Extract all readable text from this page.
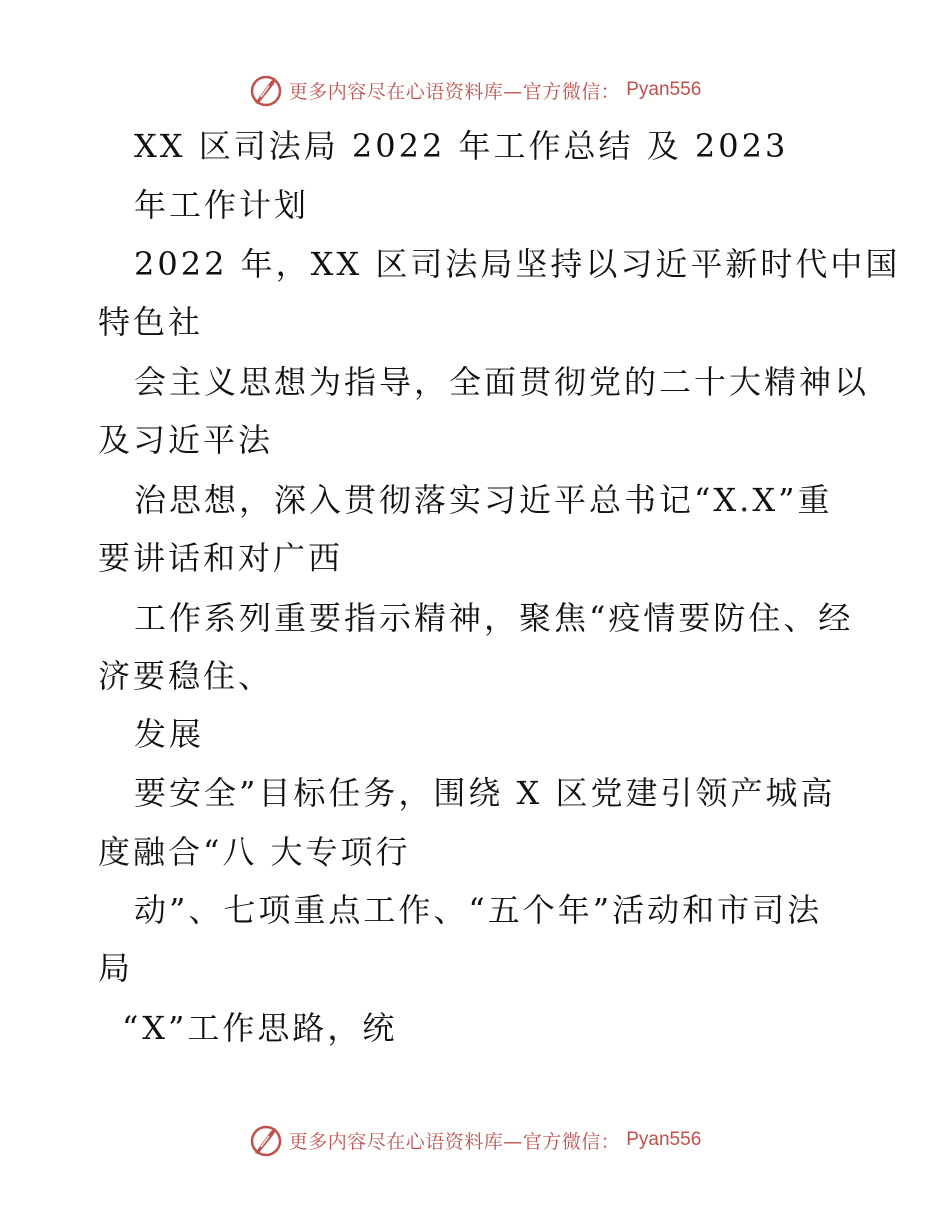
更多内容尽在心语资料库—官方微信： Pyan556
XX 区司法局 2022 年工作总结 及 2023
年工作计划
2022 年，XX 区司法局坚持以习近平新时代中国
特色社
会主义思想为指导，全面贯彻党的二十大精神以
及习近平法
治思想，深入贯彻落实习近平总书记“X.X”重
要讲话和对广西
工作系列重要指示精神，聚焦“疫情要防住、经
济要稳住、
发展
要安全”目标任务，围绕 X 区党建引领产城高
度融合“八 大专项行
动”、七项重点工作、“五个年”活动和市司法
局
“X”工作思路，统
更多内容尽在心语资料库—官方微信： Pyan556
